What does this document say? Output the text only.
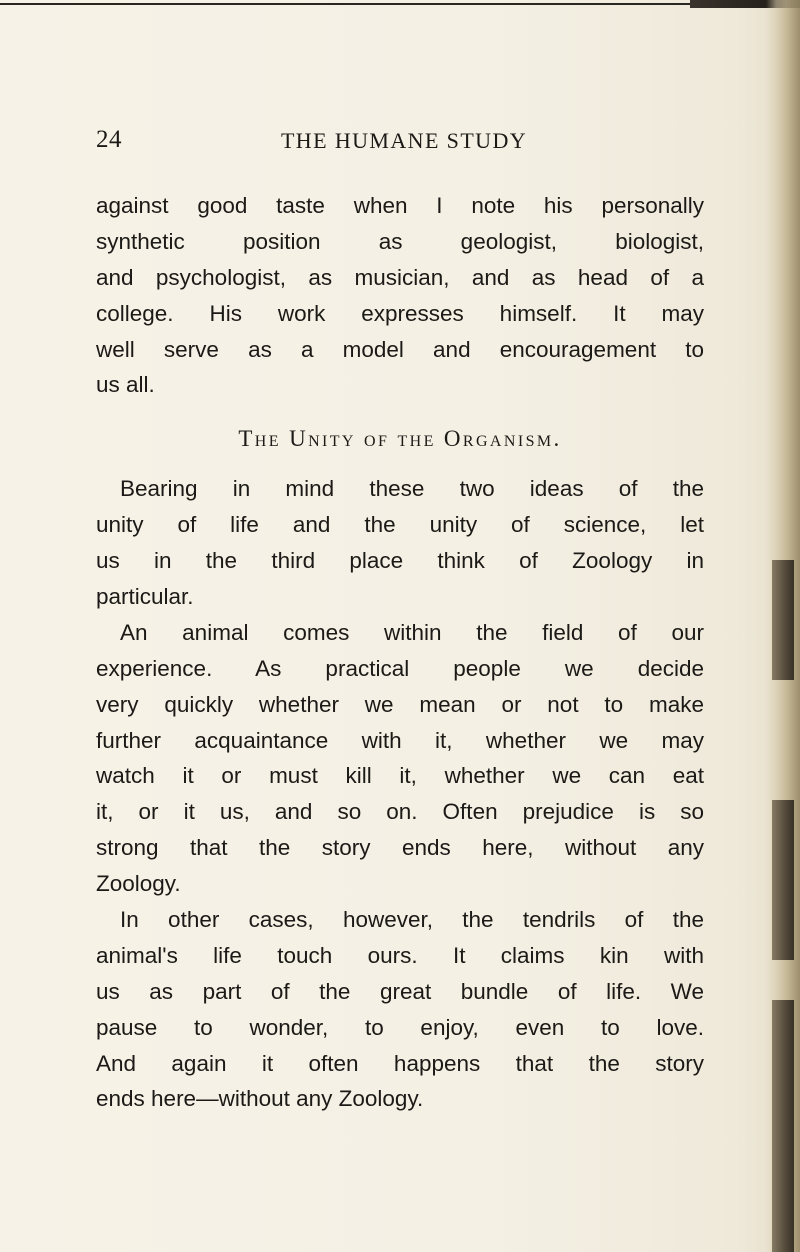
24	THE HUMANE STUDY
against good taste when I note his personally
synthetic position as geologist, biologist,
and psychologist, as musician, and as head of a
college. His work expresses himself. It may
well serve as a model and encouragement to
us all.
The Unity of the Organism.
Bearing in mind these two ideas of the
unity of life and the unity of science, let
us in the third place think of Zoology in
particular.
An animal comes within the field of our
experience. As practical people we decide
very quickly whether we mean or not to make
further acquaintance with it, whether we may
watch it or must kill it, whether we can eat
it, or it us, and so on. Often prejudice is so
strong that the story ends here, without any
Zoology.
In other cases, however, the tendrils of the
animal's life touch ours. It claims kin with
us as part of the great bundle of life. We
pause to wonder, to enjoy, even to love.
And again it often happens that the story
ends here—without any Zoology.
